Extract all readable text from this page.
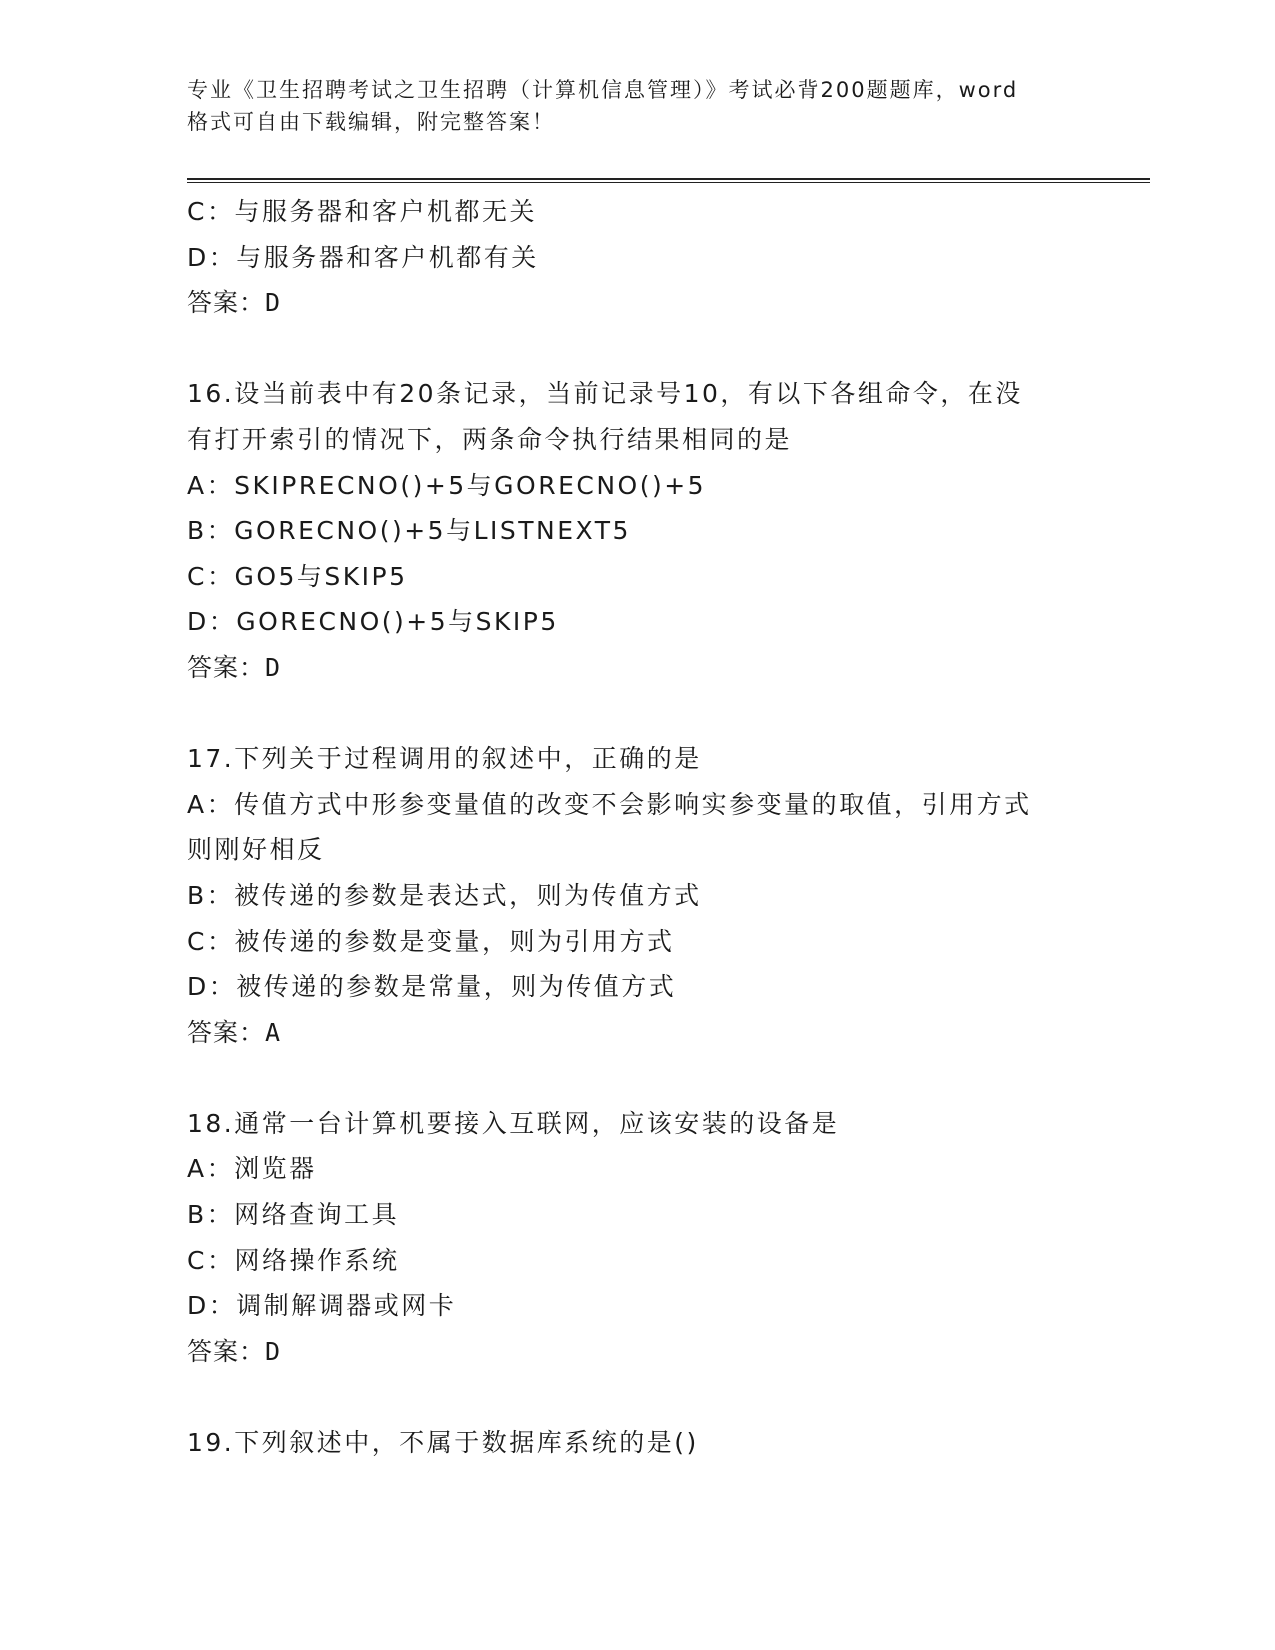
专业《卫生招聘考试之卫生招聘（计算机信息管理）》考试必背200题题库，word
格式可自由下载编辑，附完整答案！
C：与服务器和客户机都无关
D：与服务器和客户机都有关
答案：D
16.设当前表中有20条记录，当前记录号10，有以下各组命令，在没
有打开索引的情况下，两条命令执行结果相同的是
A：SKIPRECNO()+5与GORECNO()+5
B：GORECNO()+5与LISTNEXT5
C：GO5与SKIP5
D：GORECNO()+5与SKIP5
答案：D
17.下列关于过程调用的叙述中，正确的是
A：传值方式中形参变量值的改变不会影响实参变量的取值，引用方式
则刚好相反
B：被传递的参数是表达式，则为传值方式
C：被传递的参数是变量，则为引用方式
D：被传递的参数是常量，则为传值方式
答案：A
18.通常一台计算机要接入互联网，应该安装的设备是
A：浏览器
B：网络查询工具
C：网络操作系统
D：调制解调器或网卡
答案：D
19.下列叙述中，不属于数据库系统的是()
